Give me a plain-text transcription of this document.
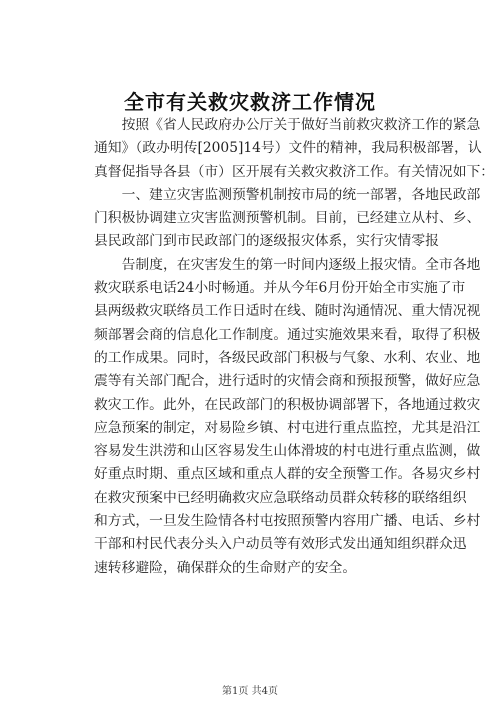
全市有关救灾救济工作情况
　　按照《省人民政府办公厅关于做好当前救灾救济工作的紧急
通知》（政办明传[2005]14号）文件的精神，我局积极部署，认
真督促指导各县（市）区开展有关救灾救济工作。有关情况如下：
　　一、建立灾害监测预警机制按市局的统一部署，各地民政部
门积极协调建立灾害监测预警机制。目前，已经建立从村、乡、
县民政部门到市民政部门的逐级报灾体系，实行灾情零报
　　告制度，在灾害发生的第一时间内逐级上报灾情。全市各地
救灾联系电话24小时畅通。并从今年6月份开始全市实施了市
县两级救灾联络员工作日适时在线、随时沟通情况、重大情况视
频部署会商的信息化工作制度。通过实施效果来看，取得了积极
的工作成果。同时，各级民政部门积极与气象、水利、农业、地
震等有关部门配合，进行适时的灾情会商和预报预警，做好应急
救灾工作。此外，在民政部门的积极协调部署下，各地通过救灾
应急预案的制定，对易险乡镇、村屯进行重点监控，尤其是沿江
容易发生洪涝和山区容易发生山体滑坡的村屯进行重点监测，做
好重点时期、重点区域和重点人群的安全预警工作。各易灾乡村
在救灾预案中已经明确救灾应急联络动员群众转移的联络组织
和方式，一旦发生险情各村屯按照预警内容用广播、电话、乡村
干部和村民代表分头入户动员等有效形式发出通知组织群众迅
速转移避险，确保群众的生命财产的安全。
第1页 共4页
